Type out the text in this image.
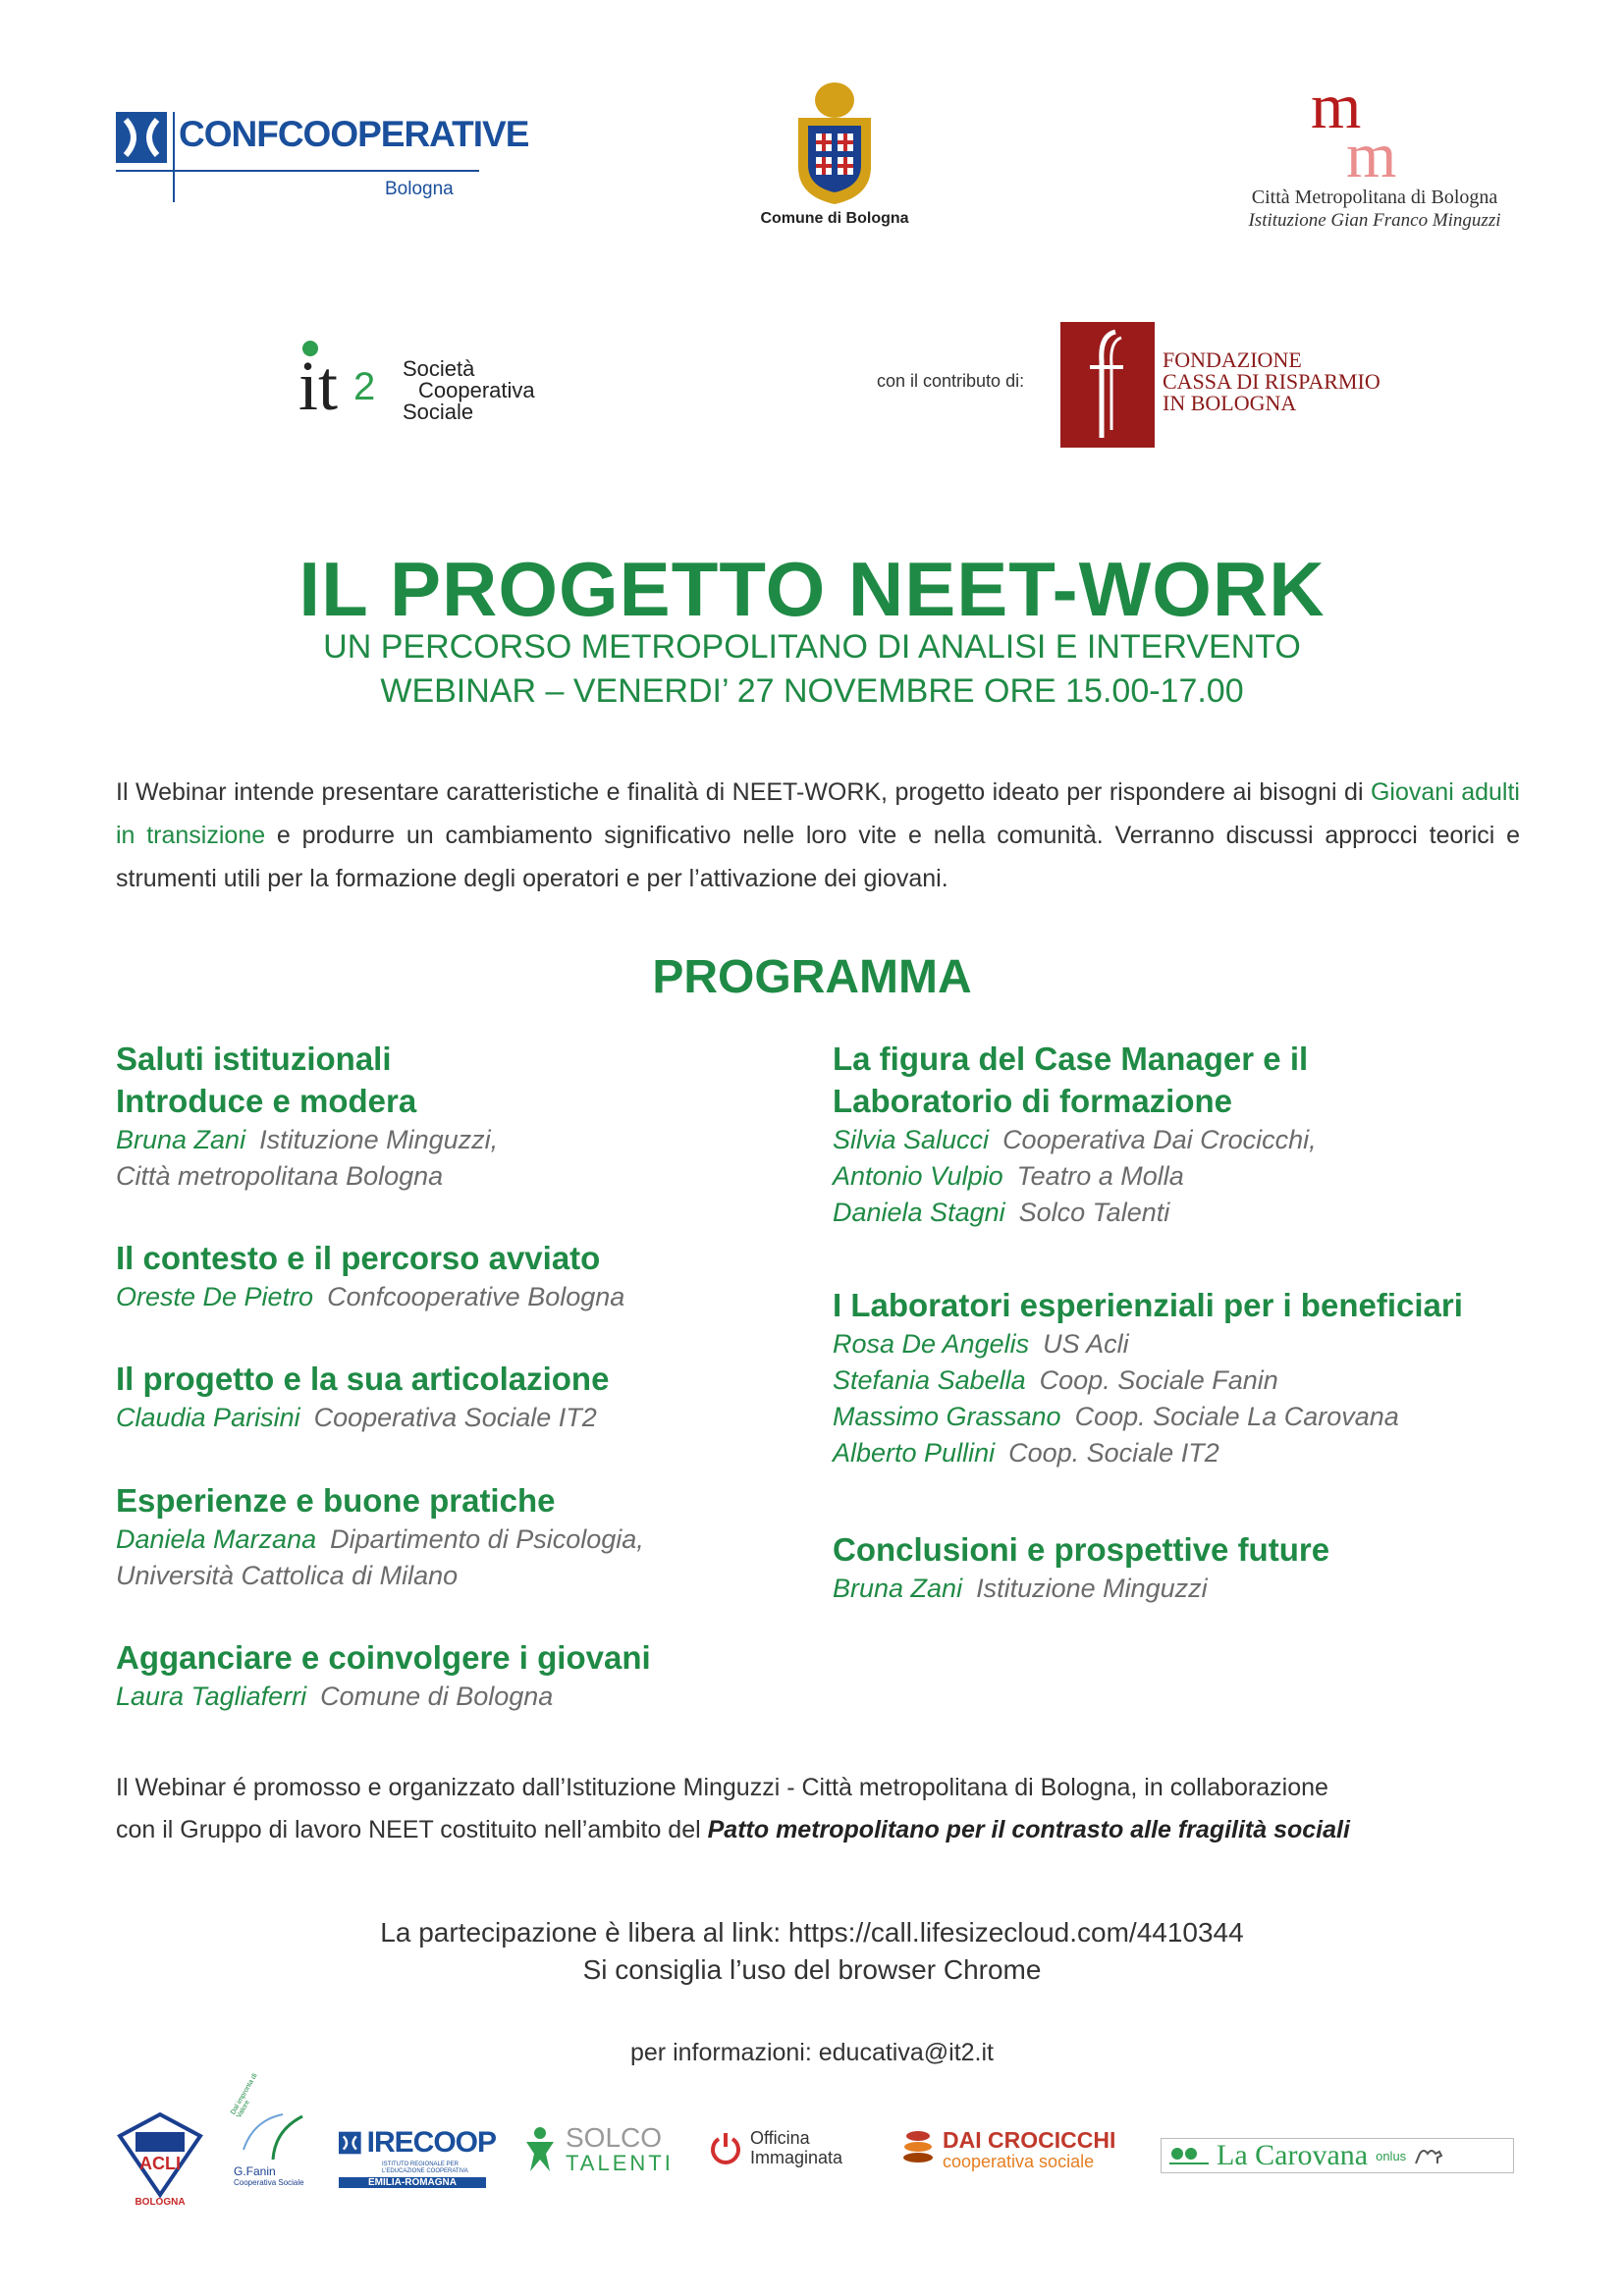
CONFCOOPERATIVE
Bologna
Comune di Bologna
m
m
Città Metropolitana di Bologna
Istituzione Gian Franco Minguzzi
it 2 Società
Cooperativa
Sociale
con il contributo di:
FONDAZIONE
CASSA DI RISPARMIO
IN BOLOGNA
IL PROGETTO NEET-WORK
UN PERCORSO METROPOLITANO DI ANALISI E INTERVENTO
WEBINAR – VENERDI’ 27 NOVEMBRE ORE 15.00-17.00
Il Webinar intende presentare caratteristiche e finalità di NEET-WORK, progetto ideato per rispondere ai bisogni di Giovani adulti in transizione e produrre un cambiamento significativo nelle loro vite e nella comunità. Verranno discussi approcci teorici e strumenti utili per la formazione degli operatori e per l’attivazione dei giovani.
PROGRAMMA
Saluti istituzionali
Introduce e modera
Bruna Zani Istituzione Minguzzi,
Città metropolitana Bologna
Il contesto e il percorso avviato
Oreste De Pietro Confcooperative Bologna
Il progetto e la sua articolazione
Claudia Parisini Cooperativa Sociale IT2
Esperienze e buone pratiche
Daniela Marzana Dipartimento di Psicologia,
Università Cattolica di Milano
Agganciare e coinvolgere i giovani
Laura Tagliaferri Comune di Bologna
La figura del Case Manager e il
Laboratorio di formazione
Silvia Salucci Cooperativa Dai Crocicchi,
Antonio Vulpio Teatro a Molla
Daniela Stagni Solco Talenti
I Laboratori esperienziali per i beneficiari
Rosa De Angelis US Acli
Stefania Sabella Coop. Sociale Fanin
Massimo Grassano Coop. Sociale La Carovana
Alberto Pullini Coop. Sociale IT2
Conclusioni e prospettive future
Bruna Zani Istituzione Minguzzi
Il Webinar é promosso e organizzato dall’Istituzione Minguzzi - Città metropolitana di Bologna, in collaborazione
con il Gruppo di lavoro NEET costituito nell’ambito del Patto metropolitano per il contrasto alle fragilità sociali
La partecipazione è libera al link: https://call.lifesizecloud.com/4410344
Si consiglia l’uso del browser Chrome
per informazioni: educativa@it2.it
ACLI
BOLOGNA
G.Fanin
Cooperativa Sociale
Dal impronta di Valore
IRECOOP
ISTITUTO REGIONALE PER L’EDUCAZIONE COOPERATIVA
EMILIA-ROMAGNA
SOLCO
TALENTI
Officina
Immaginata
DAI CROCICCHI
cooperativa sociale	La Carovana onlus
